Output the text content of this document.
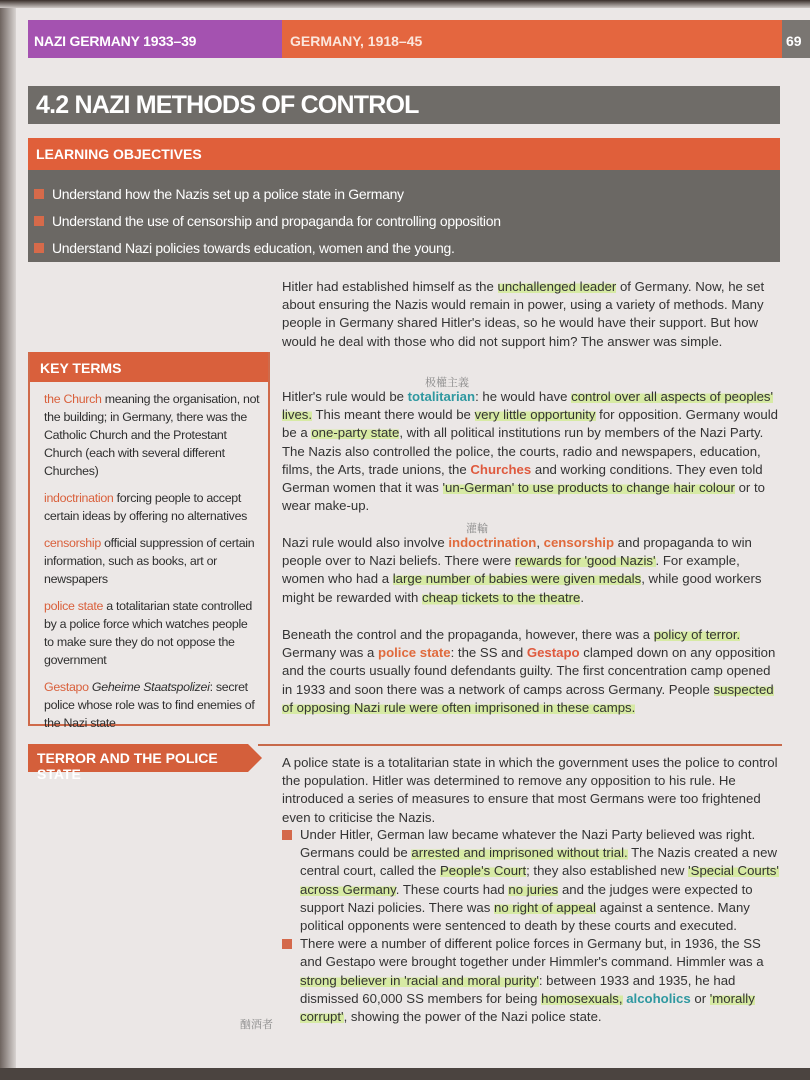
NAZI GERMANY 1933–39	GERMANY, 1918–45	69
4.2 NAZI METHODS OF CONTROL
LEARNING OBJECTIVES
Understand how the Nazis set up a police state in Germany
Understand the use of censorship and propaganda for controlling opposition
Understand Nazi policies towards education, women and the young.
KEY TERMS
the Church meaning the organisation, not the building; in Germany, there was the Catholic Church and the Protestant Church (each with several different Churches)
indoctrination forcing people to accept certain ideas by offering no alternatives
censorship official suppression of certain information, such as books, art or newspapers
police state a totalitarian state controlled by a police force which watches people to make sure they do not oppose the government
Gestapo Geheime Staatspolizei: secret police whose role was to find enemies of the Nazi state
Hitler had established himself as the unchallenged leader of Germany. Now, he set about ensuring the Nazis would remain in power, using a variety of methods. Many people in Germany shared Hitler's ideas, so he would have their support. But how would he deal with those who did not support him? The answer was simple.
极權主義
Hitler's rule would be totalitarian: he would have control over all aspects of peoples' lives. This meant there would be very little opportunity for opposition. Germany would be a one-party state, with all political institutions run by members of the Nazi Party. The Nazis also controlled the police, the courts, radio and newspapers, education, films, the Arts, trade unions, the Churches and working conditions. They even told German women that it was 'un-German' to use products to change hair colour or to wear make-up.
灌輸
Nazi rule would also involve indoctrination, censorship and propaganda to win people over to Nazi beliefs. There were rewards for 'good Nazis'. For example, women who had a large number of babies were given medals, while good workers might be rewarded with cheap tickets to the theatre.
Beneath the control and the propaganda, however, there was a policy of terror. Germany was a police state: the SS and Gestapo clamped down on any opposition and the courts usually found defendants guilty. The first concentration camp opened in 1933 and soon there was a network of camps across Germany. People suspected of opposing Nazi rule were often imprisoned in these camps.
TERROR AND THE POLICE STATE
A police state is a totalitarian state in which the government uses the police to control the population. Hitler was determined to remove any opposition to his rule. He introduced a series of measures to ensure that most Germans were too frightened even to criticise the Nazis.
Under Hitler, German law became whatever the Nazi Party believed was right. Germans could be arrested and imprisoned without trial. The Nazis created a new central court, called the People's Court; they also established new 'Special Courts' across Germany. These courts had no juries and the judges were expected to support Nazi policies. There was no right of appeal against a sentence. Many political opponents were sentenced to death by these courts and executed.
There were a number of different police forces in Germany but, in 1936, the SS and Gestapo were brought together under Himmler's command. Himmler was a strong believer in 'racial and moral purity': between 1933 and 1935, he had dismissed 60,000 SS members for being homosexuals, alcoholics or 'morally corrupt', showing the power of the Nazi police state.
酗酒者
